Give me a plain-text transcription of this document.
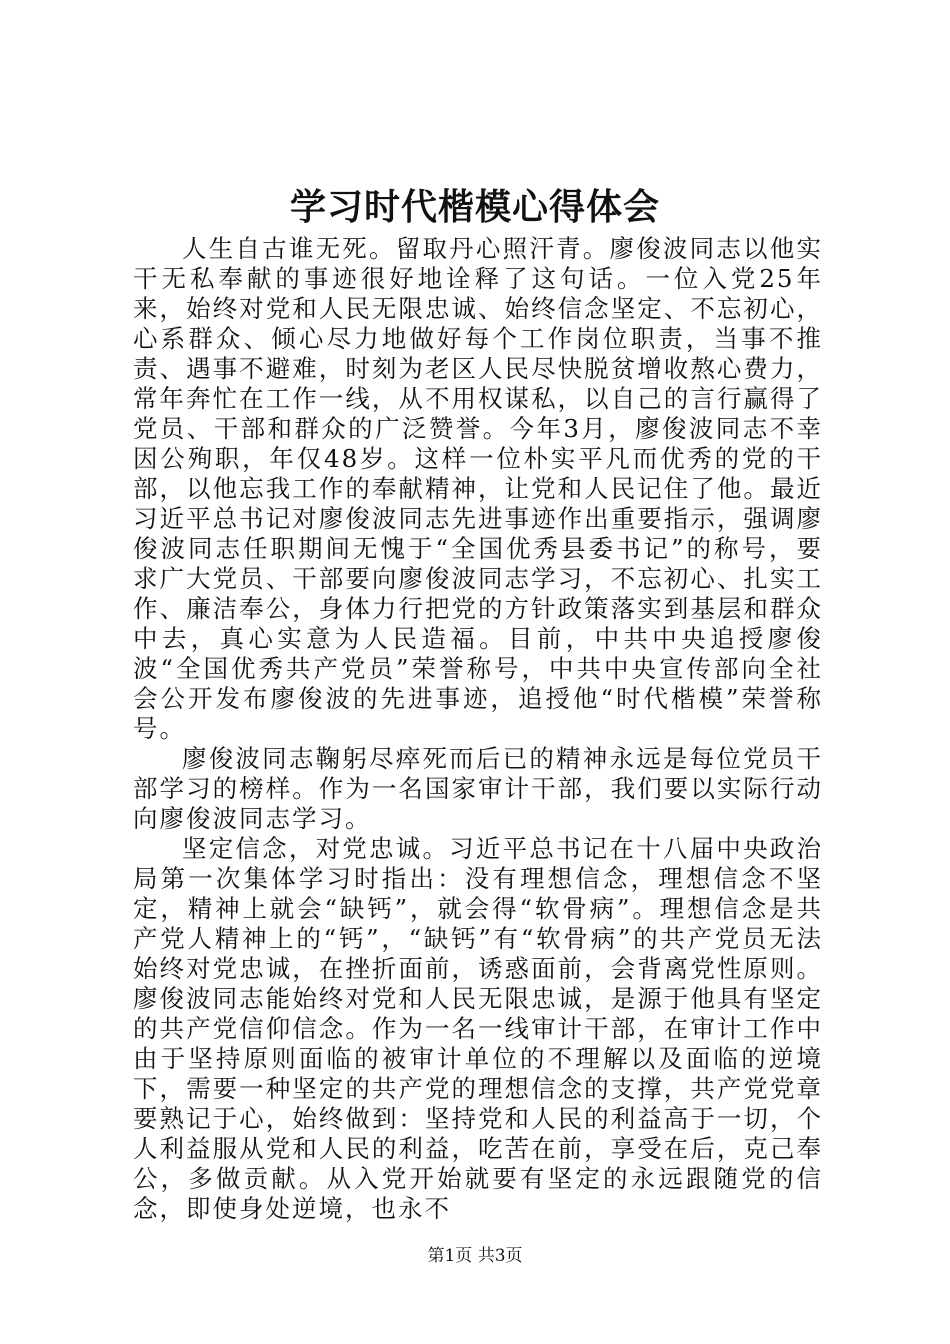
学习时代楷模心得体会

人生自古谁无死。留取丹心照汗青。廖俊波同志以他实干无私奉献的事迹很好地诠释了这句话。一位入党25年来，始终对党和人民无限忠诚、始终信念坚定、不忘初心，心系群众、倾心尽力地做好每个工作岗位职责，当事不推责、遇事不避难，时刻为老区人民尽快脱贫增收熬心费力，常年奔忙在工作一线，从不用权谋私，以自己的言行赢得了党员、干部和群众的广泛赞誉。今年3月，廖俊波同志不幸因公殉职，年仅48岁。这样一位朴实平凡而优秀的党的干部，以他忘我工作的奉献精神，让党和人民记住了他。最近习近平总书记对廖俊波同志先进事迹作出重要指示，强调廖俊波同志任职期间无愧于“全国优秀县委书记”的称号，要求广大党员、干部要向廖俊波同志学习，不忘初心、扎实工作、廉洁奉公，身体力行把党的方针政策落实到基层和群众中去，真心实意为人民造福。目前，中共中央追授廖俊波“全国优秀共产党员”荣誉称号，中共中央宣传部向全社会公开发布廖俊波的先进事迹，追授他“时代楷模”荣誉称号。

廖俊波同志鞠躬尽瘁死而后已的精神永远是每位党员干部学习的榜样。作为一名国家审计干部，我们要以实际行动向廖俊波同志学习。

坚定信念，对党忠诚。习近平总书记在十八届中央政治局第一次集体学习时指出：没有理想信念，理想信念不坚定，精神上就会“缺钙”，就会得“软骨病”。理想信念是共产党人精神上的“钙”，“缺钙”有“软骨病”的共产党员无法始终对党忠诚，在挫折面前，诱惑面前，会背离党性原则。廖俊波同志能始终对党和人民无限忠诚，是源于他具有坚定的共产党信仰信念。作为一名一线审计干部，在审计工作中由于坚持原则面临的被审计单位的不理解以及面临的逆境下，需要一种坚定的共产党的理想信念的支撑，共产党党章要熟记于心，始终做到：坚持党和人民的利益高于一切，个人利益服从党和人民的利益，吃苦在前，享受在后，克己奉公，多做贡献。从入党开始就要有坚定的永远跟随党的信念，即使身处逆境，也永不

第1页 共3页
